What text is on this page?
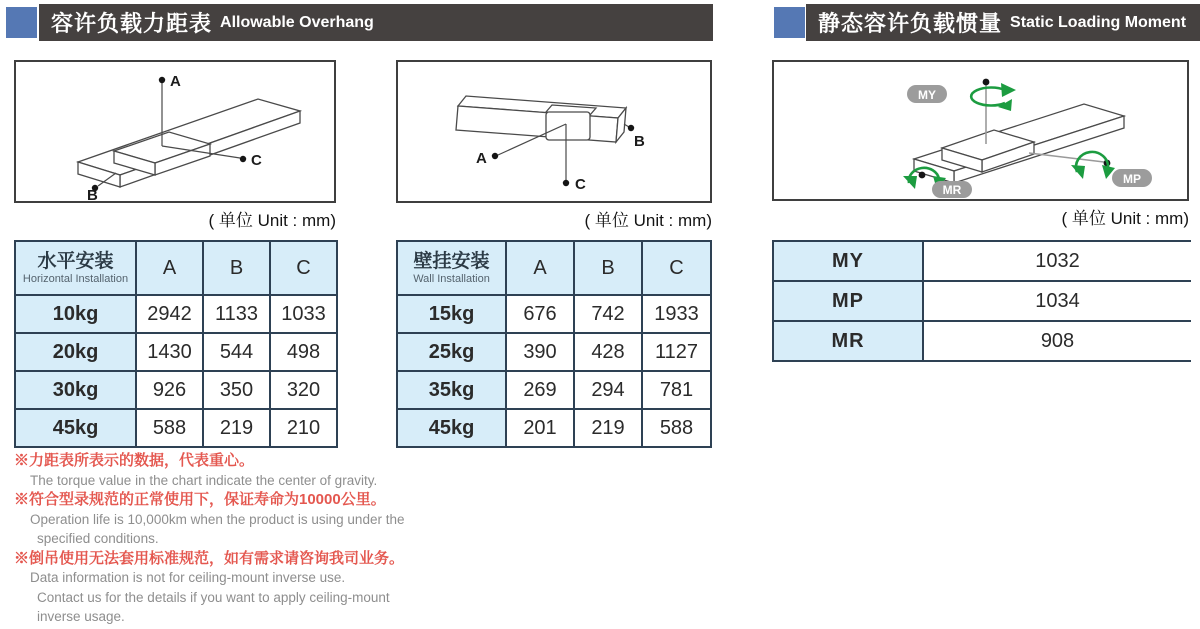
容许负载力距表 Allowable Overhang	静态容许负载惯量 Static Loading Moment
A
C
B
( 单位 Unit : mm)
B
A
C
( 单位 Unit : mm)
MY
MP
MR
( 单位 Unit : mm)
水平安装
Horizontal Installation	A	B	C
10kg	2942	1133	1033
20kg	1430	544	498
30kg	926	350	320
45kg	588	219	210
壁挂安装
Wall Installation	A	B	C
15kg	676	742	1933
25kg	390	428	1127
35kg	269	294	781
45kg	201	219	588
MY	1032
MP	1034
MR	908
※力距表所表示的数据，代表重心。
The torque value in the chart indicate the center of gravity.
※符合型录规范的正常使用下，保证寿命为10000公里。
Operation life is 10,000km when the product is using under the
specified conditions.
※倒吊使用无法套用标准规范，如有需求请咨询我司业务。
Data information is not for ceiling-mount inverse use.
Contact us for the details if you want to apply ceiling-mount
inverse usage.
